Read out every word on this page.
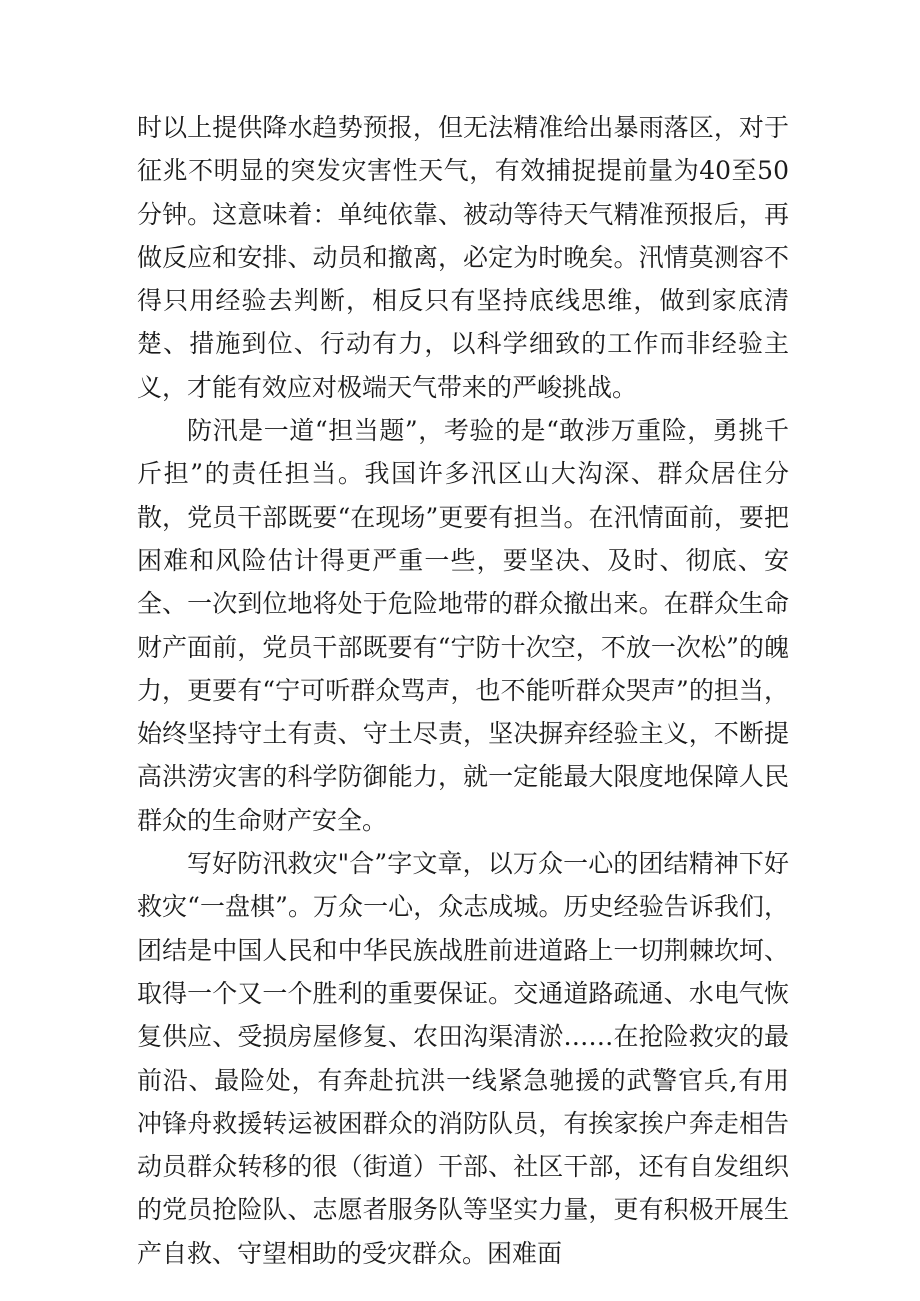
时以上提供降水趋势预报，但无法精准给出暴雨落区，对于征兆不明显的突发灾害性天气，有效捕捉提前量为40至50分钟。这意味着：单纯依靠、被动等待天气精准预报后，再做反应和安排、动员和撤离，必定为时晚矣。汛情莫测容不得只用经验去判断，相反只有坚持底线思维，做到家底清楚、措施到位、行动有力，以科学细致的工作而非经验主义，才能有效应对极端天气带来的严峻挑战。

防汛是一道“担当题”，考验的是“敢涉万重险，勇挑千斤担”的责任担当。我国许多汛区山大沟深、群众居住分散，党员干部既要“在现场”更要有担当。在汛情面前，要把困难和风险估计得更严重一些，要坚决、及时、彻底、安全、一次到位地将处于危险地带的群众撤出来。在群众生命财产面前，党员干部既要有“宁防十次空，不放一次松”的魄力，更要有“宁可听群众骂声，也不能听群众哭声”的担当，始终坚持守土有责、守土尽责，坚决摒弃经验主义，不断提高洪涝灾害的科学防御能力，就一定能最大限度地保障人民群众的生命财产安全。

写好防汛救灾"合”字文章，以万众一心的团结精神下好救灾“一盘棋”。万众一心，众志成城。历史经验告诉我们，团结是中国人民和中华民族战胜前进道路上一切荆棘坎坷、取得一个又一个胜利的重要保证。交通道路疏通、水电气恢复供应、受损房屋修复、农田沟渠清淤……在抢险救灾的最前沿、最险处，有奔赴抗洪一线紧急驰援的武警官兵,有用冲锋舟救援转运被困群众的消防队员，有挨家挨户奔走相告动员群众转移的很（街道）干部、社区干部，还有自发组织的党员抢险队、志愿者服务队等坚实力量，更有积极开展生产自救、守望相助的受灾群众。困难面
